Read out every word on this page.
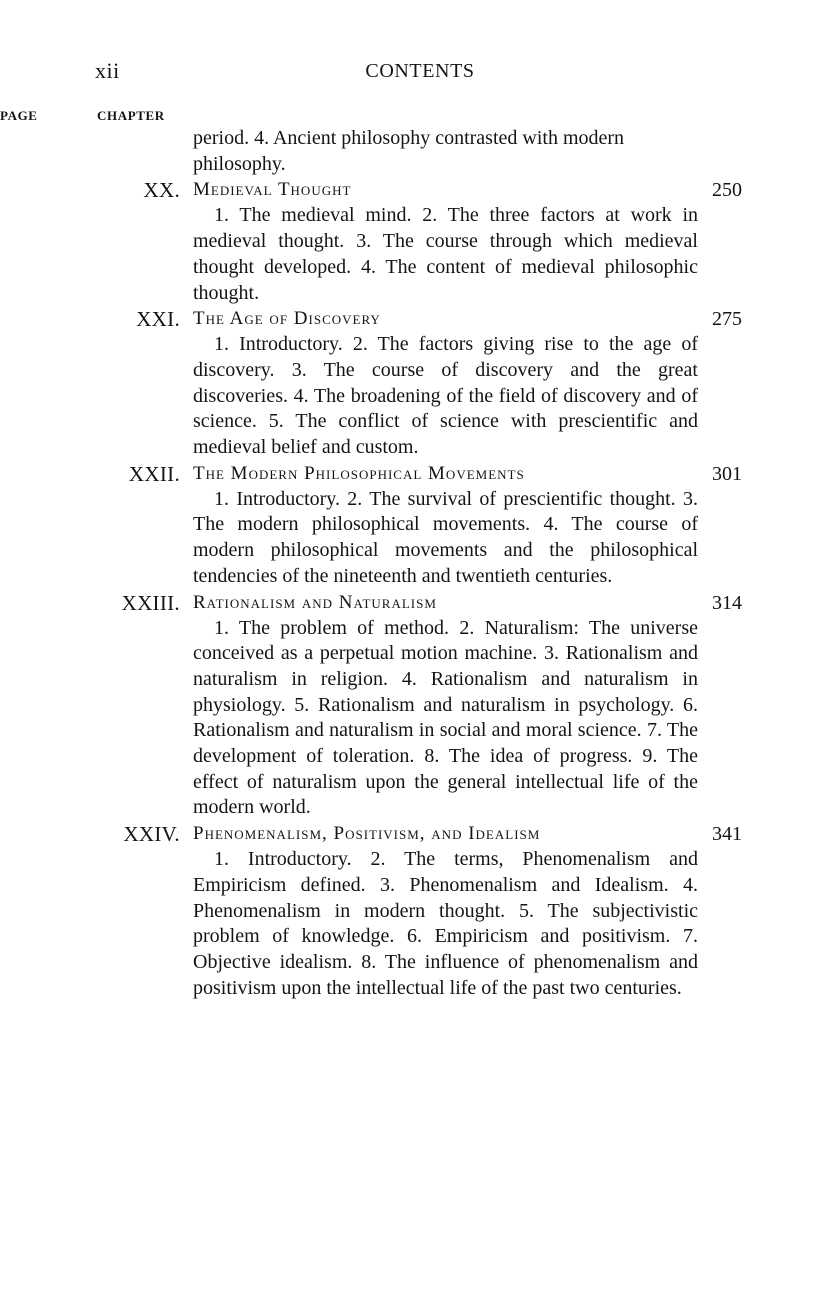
xii	CONTENTS
CHAPTER
PAGE
period. 4. Ancient philosophy contrasted with modern philosophy.
XX. Medieval Thought . . .	250
1. The medieval mind. 2. The three factors at work in medieval thought. 3. The course through which medieval thought developed. 4. The content of medieval philosophic thought.
XXI. The Age of Discovery . . .	275
1. Introductory. 2. The factors giving rise to the age of discovery. 3. The course of discovery and the great discoveries. 4. The broadening of the field of discovery and of science. 5. The conflict of science with prescientific and medieval belief and custom.
XXII. The Modern Philosophical Movements . . .	301
1. Introductory. 2. The survival of prescientific thought. 3. The modern philosophical movements. 4. The course of modern philosophical movements and the philosophical tendencies of the nineteenth and twentieth centuries.
XXIII. Rationalism and Naturalism . . .	314
1. The problem of method. 2. Naturalism: The universe conceived as a perpetual motion machine. 3. Rationalism and naturalism in religion. 4. Rationalism and naturalism in physiology. 5. Rationalism and naturalism in psychology. 6. Rationalism and naturalism in social and moral science. 7. The development of toleration. 8. The idea of progress. 9. The effect of naturalism upon the general intellectual life of the modern world.
XXIV. Phenomenalism, Positivism, and Idealism . . .	341
1. Introductory. 2. The terms, Phenomenalism and Empiricism defined. 3. Phenomenalism and Idealism. 4. Phenomenalism in modern thought. 5. The subjectivistic problem of knowledge. 6. Empiricism and positivism. 7. Objective idealism. 8. The influence of phenomenalism and positivism upon the intellectual life of the past two centuries.
